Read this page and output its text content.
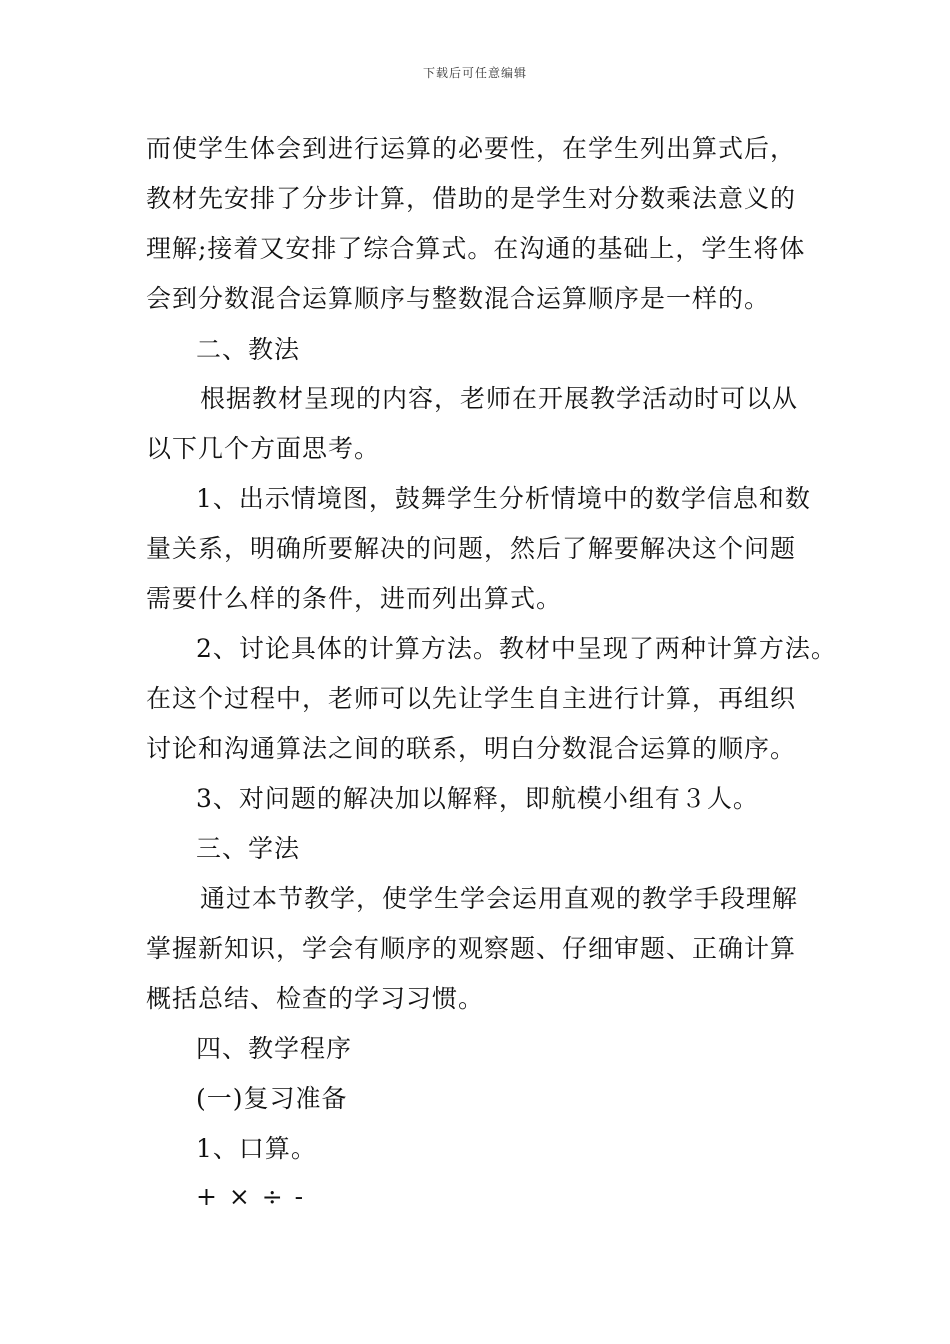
下载后可任意编辑
而使学生体会到进行运算的必要性，在学生列出算式后，
教材先安排了分步计算，借助的是学生对分数乘法意义的
理解;接着又安排了综合算式。在沟通的基础上，学生将体
会到分数混合运算顺序与整数混合运算顺序是一样的。
二、教法
根据教材呈现的内容，老师在开展教学活动时可以从
以下几个方面思考。
1、出示情境图，鼓舞学生分析情境中的数学信息和数
量关系，明确所要解决的问题，然后了解要解决这个问题
需要什么样的条件，进而列出算式。
2、讨论具体的计算方法。教材中呈现了两种计算方法。
在这个过程中，老师可以先让学生自主进行计算，再组织
讨论和沟通算法之间的联系，明白分数混合运算的顺序。
3、对问题的解决加以解释，即航模小组有３人。
三、学法
通过本节教学，使学生学会运用直观的教学手段理解
掌握新知识，学会有顺序的观察题、仔细审题、正确计算
概括总结、检查的学习习惯。
四、教学程序
(一)复习准备
1、口算。
+ × ÷ -
